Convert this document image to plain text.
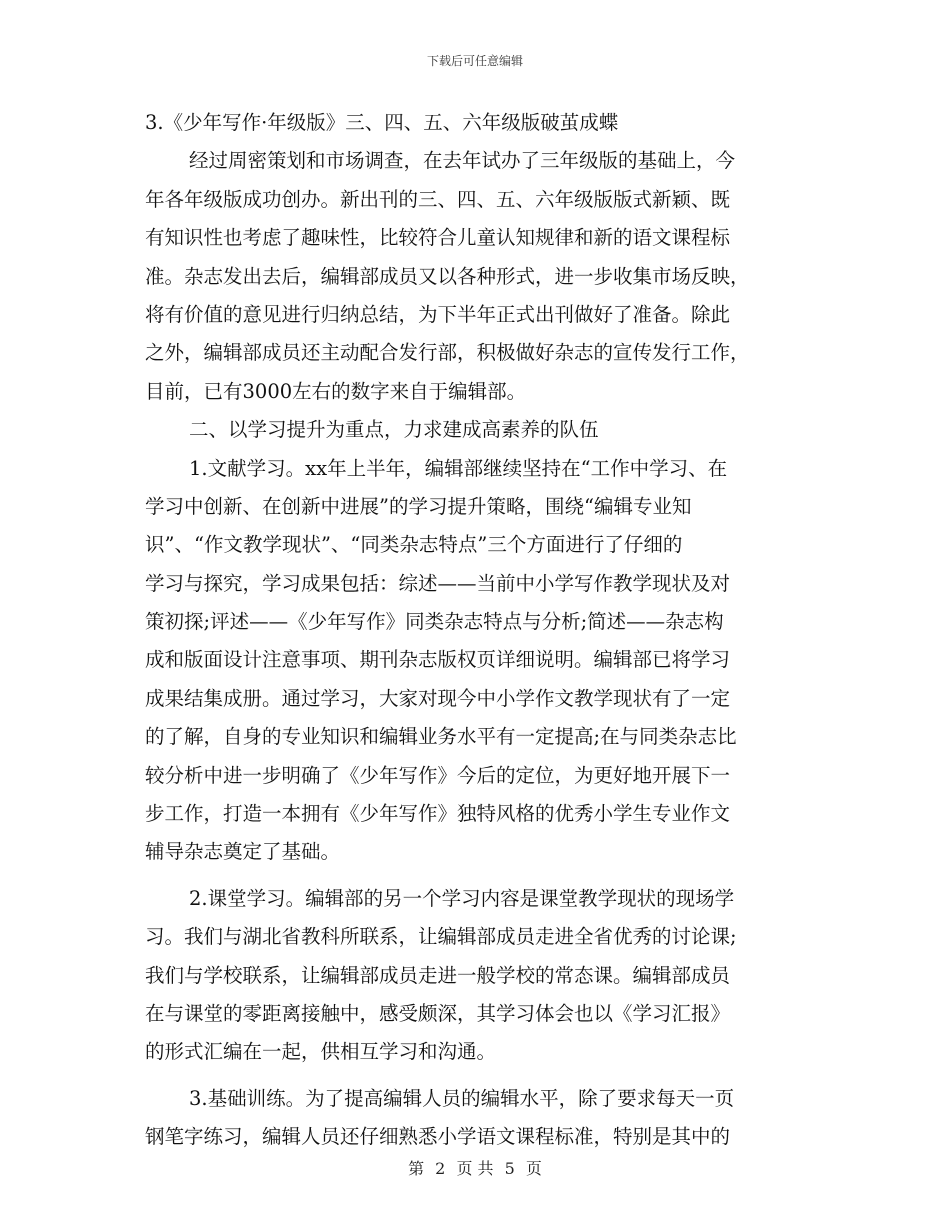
下载后可任意编辑
3.《少年写作·年级版》三、四、五、六年级版破茧成蝶
经过周密策划和市场调查，在去年试办了三年级版的基础上，今
年各年级版成功创办。新出刊的三、四、五、六年级版版式新颖、既
有知识性也考虑了趣味性，比较符合儿童认知规律和新的语文课程标
准。杂志发出去后，编辑部成员又以各种形式，进一步收集市场反映，
将有价值的意见进行归纳总结，为下半年正式出刊做好了准备。除此
之外，编辑部成员还主动配合发行部，积极做好杂志的宣传发行工作，
目前，已有3000左右的数字来自于编辑部。
二、以学习提升为重点，力求建成高素养的队伍
1.文献学习。xx年上半年，编辑部继续坚持在“工作中学习、在
学习中创新、在创新中进展”的学习提升策略，围绕“编辑专业知
识”、“作文教学现状”、“同类杂志特点”三个方面进行了仔细的
学习与探究，学习成果包括：综述——当前中小学写作教学现状及对
策初探;评述——《少年写作》同类杂志特点与分析;简述——杂志构
成和版面设计注意事项、期刊杂志版权页详细说明。编辑部已将学习
成果结集成册。通过学习，大家对现今中小学作文教学现状有了一定
的了解，自身的专业知识和编辑业务水平有一定提高;在与同类杂志比
较分析中进一步明确了《少年写作》今后的定位，为更好地开展下一
步工作，打造一本拥有《少年写作》独特风格的优秀小学生专业作文
辅导杂志奠定了基础。
2.课堂学习。编辑部的另一个学习内容是课堂教学现状的现场学
习。我们与湖北省教科所联系，让编辑部成员走进全省优秀的讨论课;
我们与学校联系，让编辑部成员走进一般学校的常态课。编辑部成员
在与课堂的零距离接触中，感受颇深，其学习体会也以《学习汇报》
的形式汇编在一起，供相互学习和沟通。
3.基础训练。为了提高编辑人员的编辑水平，除了要求每天一页
钢笔字练习，编辑人员还仔细熟悉小学语文课程标准，特别是其中的
第 2 页 共 5 页
